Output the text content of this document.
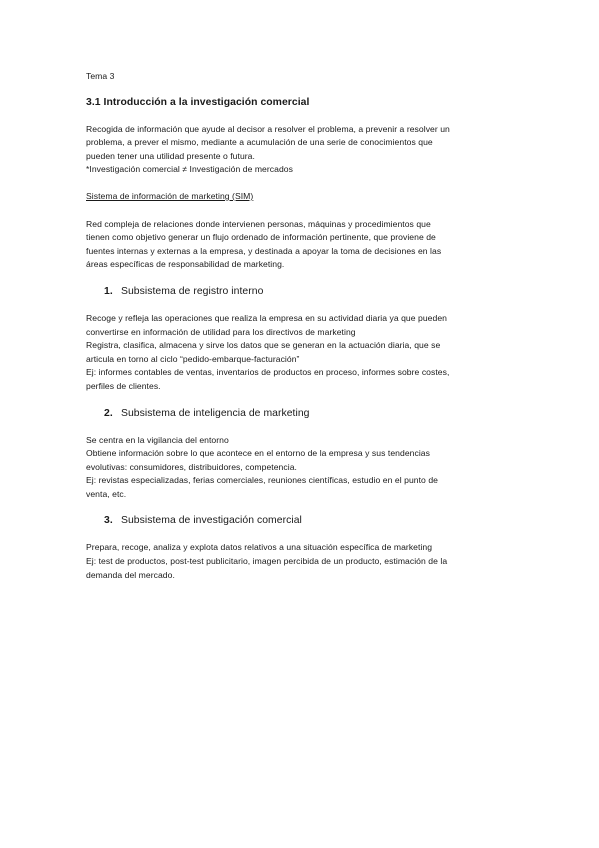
Tema 3

3.1 Introducción a la investigación comercial

Recogida de información que ayude al decisor a resolver el problema, a prevenir a resolver un
problema, a prever el mismo, mediante a acumulación de una serie de conocimientos que
pueden tener una utilidad presente o futura.
*Investigación comercial ≠ Investigación de mercados

Sistema de información de marketing (SIM)

Red compleja de relaciones donde intervienen personas, máquinas y procedimientos que
tienen como objetivo generar un flujo ordenado de información pertinente, que proviene de
fuentes internas y externas a la empresa, y destinada a apoyar la toma de decisiones en las
áreas específicas de responsabilidad de marketing.
1. Subsistema de registro interno
Recoge y refleja las operaciones que realiza la empresa en su actividad diaria ya que pueden
convertirse en información de utilidad para los directivos de marketing
Registra, clasifica, almacena y sirve los datos que se generan en la actuación diaria, que se
articula en torno al ciclo “pedido-embarque-facturación”
Ej: informes contables de ventas, inventarios de productos en proceso, informes sobre costes,
perfiles de clientes.
2. Subsistema de inteligencia de marketing
Se centra en la vigilancia del entorno
Obtiene información sobre lo que acontece en el entorno de la empresa y sus tendencias
evolutivas: consumidores, distribuidores, competencia.
Ej: revistas especializadas, ferias comerciales, reuniones científicas, estudio en el punto de
venta, etc.
3. Subsistema de investigación comercial
Prepara, recoge, analiza y explota datos relativos a una situación específica de marketing
Ej: test de productos, post-test publicitario, imagen percibida de un producto, estimación de la
demanda del mercado.
